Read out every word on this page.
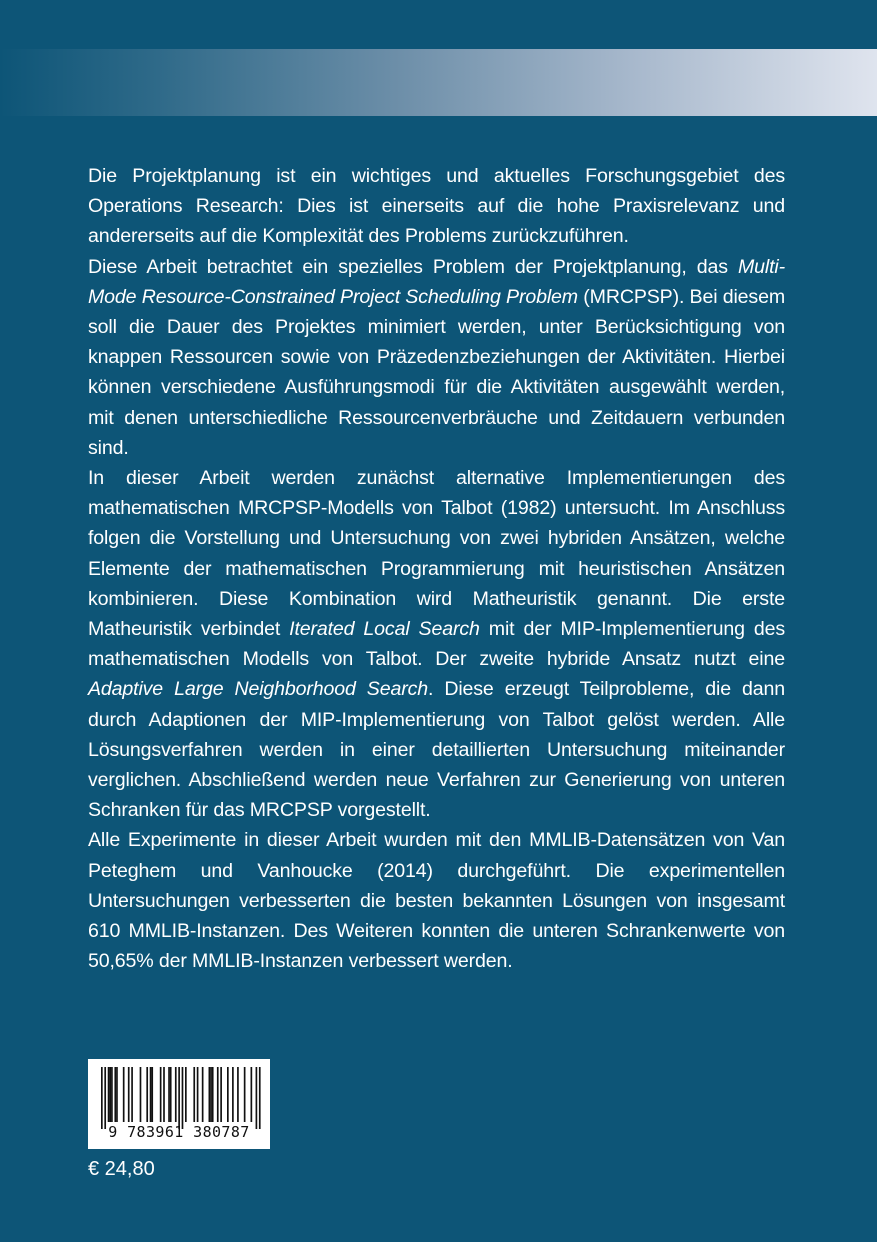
Die Projektplanung ist ein wichtiges und aktuelles Forschungsgebiet des Operations Research: Dies ist einerseits auf die hohe Praxisrelevanz und andererseits auf die Komplexität des Problems zurückzuführen.

Diese Arbeit betrachtet ein spezielles Problem der Projektplanung, das Multi-Mode Resource-Constrained Project Scheduling Problem (MRCPSP). Bei diesem soll die Dauer des Projektes minimiert werden, unter Berücksichtigung von knappen Ressourcen sowie von Präzedenzbeziehungen der Aktivitäten. Hierbei können verschiedene Ausführungsmodi für die Aktivitäten ausgewählt werden, mit denen unterschiedliche Ressourcenverbräuche und Zeitdauern verbunden sind.

In dieser Arbeit werden zunächst alternative Implementierungen des mathematischen MRCPSP-Modells von Talbot (1982) untersucht. Im Anschluss folgen die Vorstellung und Untersuchung von zwei hybriden Ansätzen, welche Elemente der mathematischen Programmierung mit heuristischen Ansätzen kombinieren. Diese Kombination wird Matheuristik genannt. Die erste Matheuristik verbindet Iterated Local Search mit der MIP-Implementierung des mathematischen Modells von Talbot. Der zweite hybride Ansatz nutzt eine Adaptive Large Neighborhood Search. Diese erzeugt Teilprobleme, die dann durch Adaptionen der MIP-Implementierung von Talbot gelöst werden. Alle Lösungsverfahren werden in einer detaillierten Untersuchung miteinander verglichen. Abschließend werden neue Verfahren zur Generierung von unteren Schranken für das MRCPSP vorgestellt.

Alle Experimente in dieser Arbeit wurden mit den MMLIB-Datensätzen von Van Peteghem und Vanhoucke (2014) durchgeführt. Die experimentellen Untersuchungen verbesserten die besten bekannten Lösungen von insgesamt 610 MMLIB-Instanzen. Des Weiteren konnten die unteren Schrankenwerte von 50,65% der MMLIB-Instanzen verbessert werden.

9 783961 380787
€ 24,80
